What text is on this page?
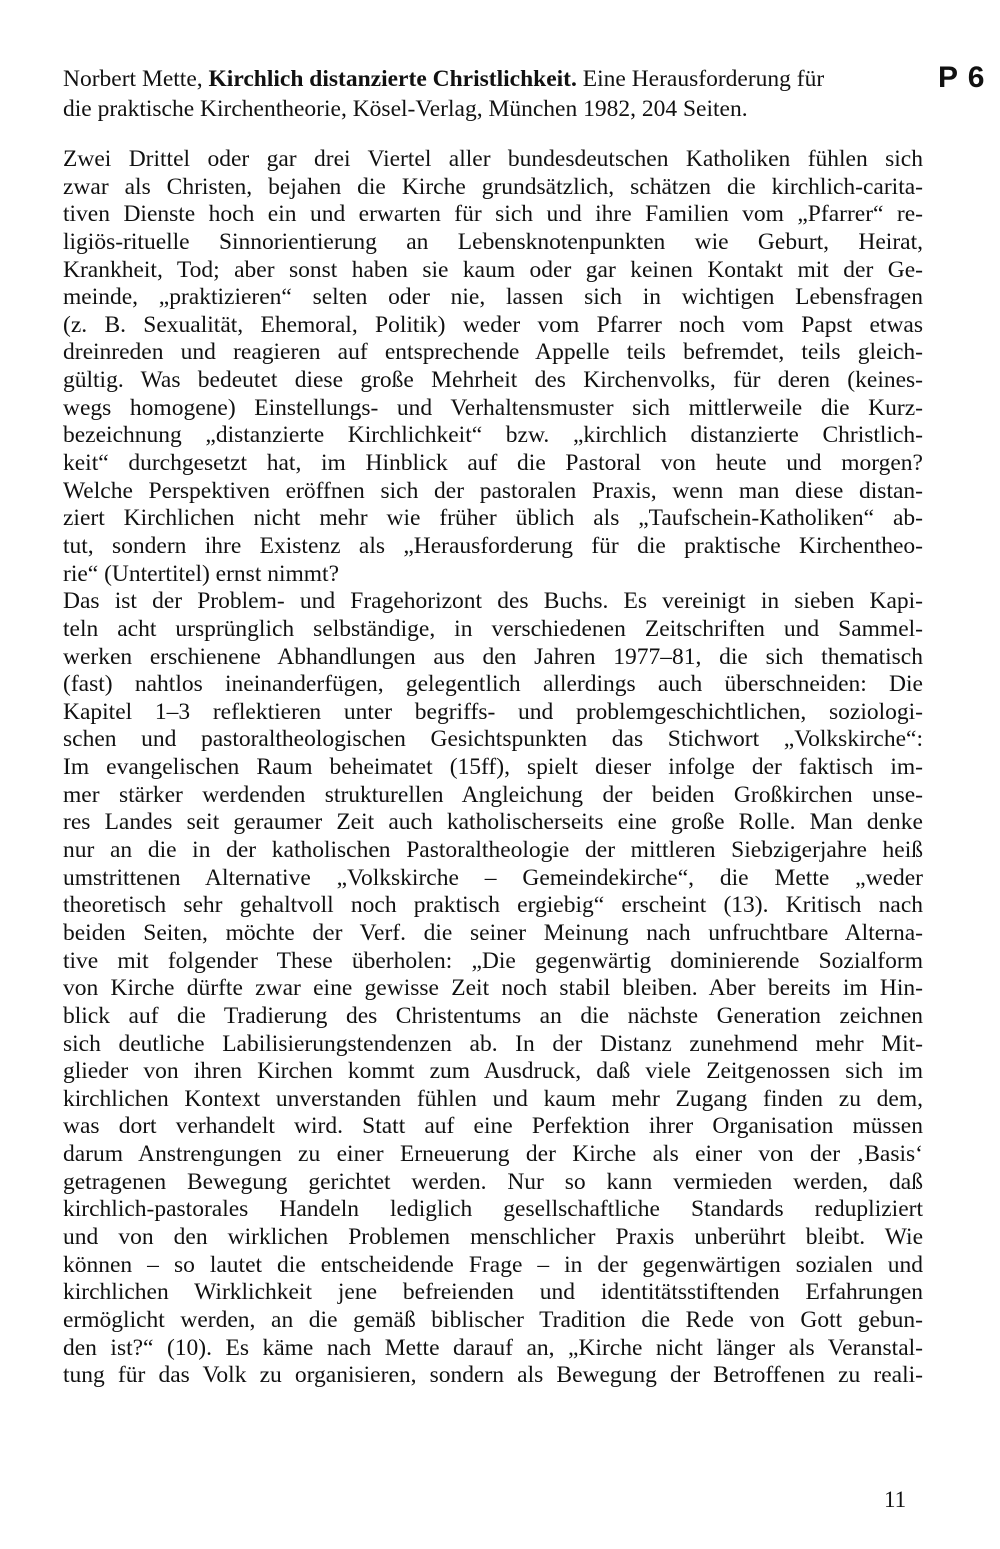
P 6
Norbert Mette, Kirchlich distanzierte Christlichkeit. Eine Herausforderung für
die praktische Kirchentheorie, Kösel-Verlag, München 1982, 204 Seiten.
Zwei Drittel oder gar drei Viertel aller bundesdeutschen Katholiken fühlen sich
zwar als Christen, bejahen die Kirche grundsätzlich, schätzen die kirchlich-carita-
tiven Dienste hoch ein und erwarten für sich und ihre Familien vom „Pfarrer“ re-
ligiös-rituelle Sinnorientierung an Lebensknotenpunkten wie Geburt, Heirat,
Krankheit, Tod; aber sonst haben sie kaum oder gar keinen Kontakt mit der Ge-
meinde, „praktizieren“ selten oder nie, lassen sich in wichtigen Lebensfragen
(z. B. Sexualität, Ehemoral, Politik) weder vom Pfarrer noch vom Papst etwas
dreinreden und reagieren auf entsprechende Appelle teils befremdet, teils gleich-
gültig. Was bedeutet diese große Mehrheit des Kirchenvolks, für deren (keines-
wegs homogene) Einstellungs- und Verhaltensmuster sich mittlerweile die Kurz-
bezeichnung „distanzierte Kirchlichkeit“ bzw. „kirchlich distanzierte Christlich-
keit“ durchgesetzt hat, im Hinblick auf die Pastoral von heute und morgen?
Welche Perspektiven eröffnen sich der pastoralen Praxis, wenn man diese distan-
ziert Kirchlichen nicht mehr wie früher üblich als „Taufschein-Katholiken“ ab-
tut, sondern ihre Existenz als „Herausforderung für die praktische Kirchentheo-
rie“ (Untertitel) ernst nimmt?
Das ist der Problem- und Fragehorizont des Buchs. Es vereinigt in sieben Kapi-
teln acht ursprünglich selbständige, in verschiedenen Zeitschriften und Sammel-
werken erschienene Abhandlungen aus den Jahren 1977–81, die sich thematisch
(fast) nahtlos ineinanderfügen, gelegentlich allerdings auch überschneiden: Die
Kapitel 1–3 reflektieren unter begriffs- und problemgeschichtlichen, soziologi-
schen und pastoraltheologischen Gesichtspunkten das Stichwort „Volkskirche“:
Im evangelischen Raum beheimatet (15ff), spielt dieser infolge der faktisch im-
mer stärker werdenden strukturellen Angleichung der beiden Großkirchen unse-
res Landes seit geraumer Zeit auch katholischerseits eine große Rolle. Man denke
nur an die in der katholischen Pastoraltheologie der mittleren Siebzigerjahre heiß
umstrittenen Alternative „Volkskirche – Gemeindekirche“, die Mette „weder
theoretisch sehr gehaltvoll noch praktisch ergiebig“ erscheint (13). Kritisch nach
beiden Seiten, möchte der Verf. die seiner Meinung nach unfruchtbare Alterna-
tive mit folgender These überholen: „Die gegenwärtig dominierende Sozialform
von Kirche dürfte zwar eine gewisse Zeit noch stabil bleiben. Aber bereits im Hin-
blick auf die Tradierung des Christentums an die nächste Generation zeichnen
sich deutliche Labilisierungstendenzen ab. In der Distanz zunehmend mehr Mit-
glieder von ihren Kirchen kommt zum Ausdruck, daß viele Zeitgenossen sich im
kirchlichen Kontext unverstanden fühlen und kaum mehr Zugang finden zu dem,
was dort verhandelt wird. Statt auf eine Perfektion ihrer Organisation müssen
darum Anstrengungen zu einer Erneuerung der Kirche als einer von der ‚Basis‘
getragenen Bewegung gerichtet werden. Nur so kann vermieden werden, daß
kirchlich-pastorales Handeln lediglich gesellschaftliche Standards redupliziert
und von den wirklichen Problemen menschlicher Praxis unberührt bleibt. Wie
können – so lautet die entscheidende Frage – in der gegenwärtigen sozialen und
kirchlichen Wirklichkeit jene befreienden und identitätsstiftenden Erfahrungen
ermöglicht werden, an die gemäß biblischer Tradition die Rede von Gott gebun-
den ist?“ (10). Es käme nach Mette darauf an, „Kirche nicht länger als Veranstal-
tung für das Volk zu organisieren, sondern als Bewegung der Betroffenen zu reali-
11
